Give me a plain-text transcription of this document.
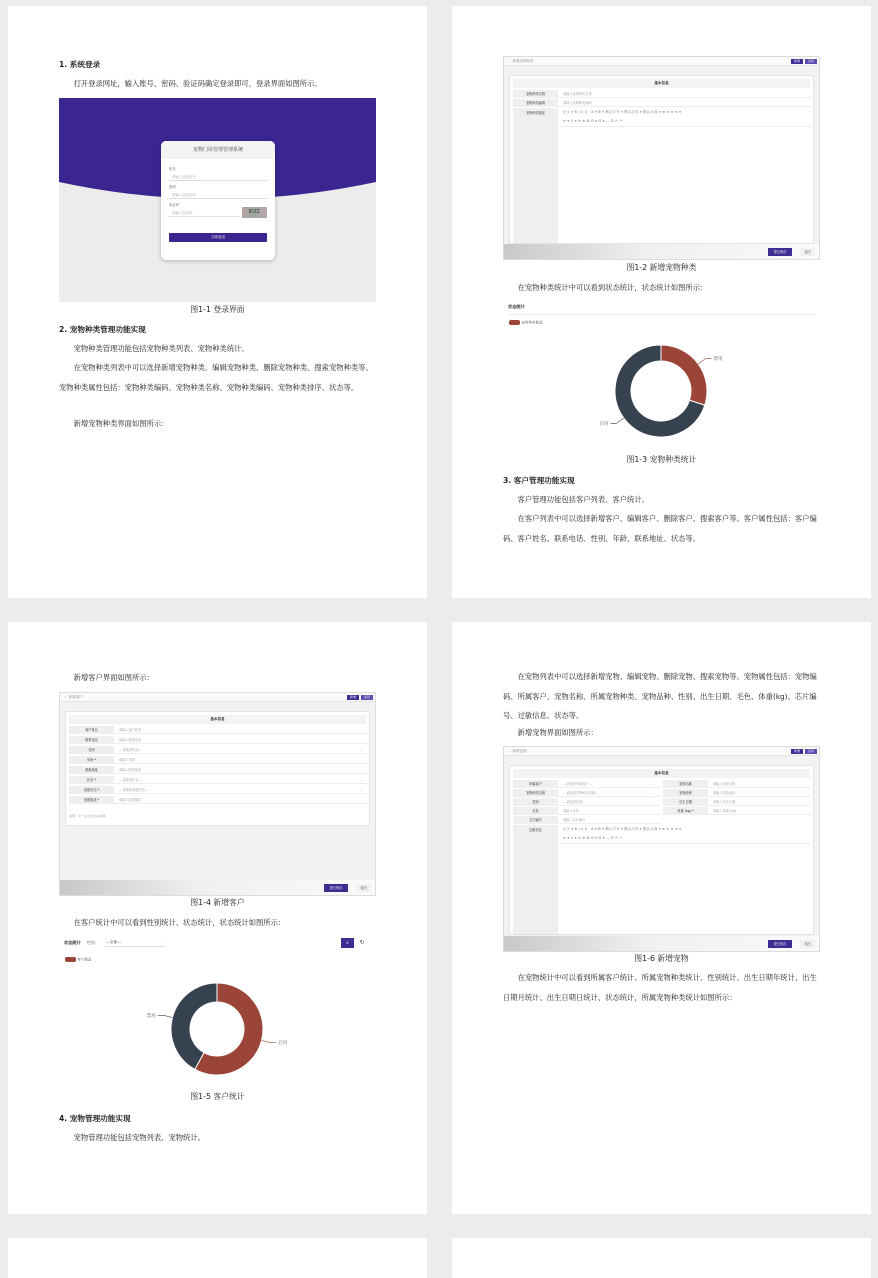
1. 系统登录
打开登录网址，输入账号、密码、验证码确定登录即可，登录界面如图所示。
宠物门诊管理管理系统
账号
请输入登录账号
密码
请输入登录密码
验证码
请输入验证码	8UZ
立即登录
图1-1 登录界面
2. 宠物种类管理功能实现
宠物种类管理功能包括宠物种类列表、宠物种类统计。
在宠物种类列表中可以选择新增宠物种类、编辑宠物种类、删除宠物种类、搜索宠物种类等。宠物种类属性包括：宠物种类编码、宠物种类名称、宠物种类编码、宠物种类排序、状态等。
新增宠物种类界面如图所示：
‹ 新增宠物种类	新增	返回
基本信息
宠物种类名称	请输入宠物种类名称
宠物种类编码	请输入宠物种类编码
宠物种类描述	正文 ▾ B I U S · A ▾ ⊞ ▾ 默认字号 ▾ 默认字体 ▾ 默认行高 ▾ ≡ ≡ ≡ ≡ ▾
≡ ▾ ⊙ ▾ ⊘ ⊕ ⊞ ⊟ ▾ ⊡ ▾ — ⊡ ↶ ↷
提交保存	返回
图1-2 新增宠物种类
在宠物种类统计中可以看到状态统计，状态统计如图所示：
状态统计
宠物种类数量
禁用
启用
图1-3 宠物种类统计
3. 客户管理功能实现
客户管理功能包括客户列表、客户统计。
在客户列表中可以选择新增客户、编辑客户、删除客户、搜索客户等。客户属性包括：客户编码、客户姓名、联系电话、性别、年龄、联系地址、状态等。
新增客户界面如图所示：
‹ 新增客户	新增	返回
基本信息
客户姓名	请输入客户姓名
联系电话	请输入联系电话
性别	---请选择性别---	⌄
年龄 *	请输入年龄
联系地址	请输入联系地址
状态 *	---请选择状态---	⌄
创建状态 *	---请选择创建状态---	⌄
创建描述 *	请输入创建描述
说明：带 * 标志的为必填项。
提交保存	返回
图1-4 新增客户
在客户统计中可以看到性别统计、状态统计，状态统计如图所示：
状态统计 性别： ---全部---	⌄	⌕	↻
客户数量
启用
禁用
图1-5 客户统计
4. 宠物管理功能实现
宠物管理功能包括宠物列表、宠物统计。
在宠物列表中可以选择新增宠物、编辑宠物、删除宠物、搜索宠物等。宠物属性包括：宠物编码、所属客户、宠物名称、所属宠物种类、宠物品种、性别、出生日期、毛色、体重(kg)、芯片编号、过敏信息、状态等。
新增宠物界面如图所示：
‹ 新增宠物	新增	返回
基本信息
所属客户	---请选择所属客户---	⌄
宠物种类名称	---请选择宠物种类名称---	⌄
性别	---请选择性别---	⌄
毛色	请输入毛色
芯片编号	请输入芯片编号
宠物名称	请输入宠物名称
宠物品种	请输入宠物品种
出生日期	请输入出生日期
体重 (kg) *	请输入体重 (kg)
过敏信息	正文 ▾ B I U S · A ▾ ⊞ ▾ 默认字号 ▾ 默认字体 ▾ 默认行高 ▾ ≡ ≡ ≡ ≡ ▾
≡ ▾ ⊙ ▾ ⊘ ⊕ ⊞ ⊟ ▾ ⊡ ▾ — ⊡ ↶ ↷
提交保存	返回
图1-6 新增宠物
在宠物统计中可以看到所属客户统计、所属宠物种类统计、性别统计、出生日期年统计、出生日期月统计、出生日期日统计、状态统计，所属宠物种类统计如图所示：
